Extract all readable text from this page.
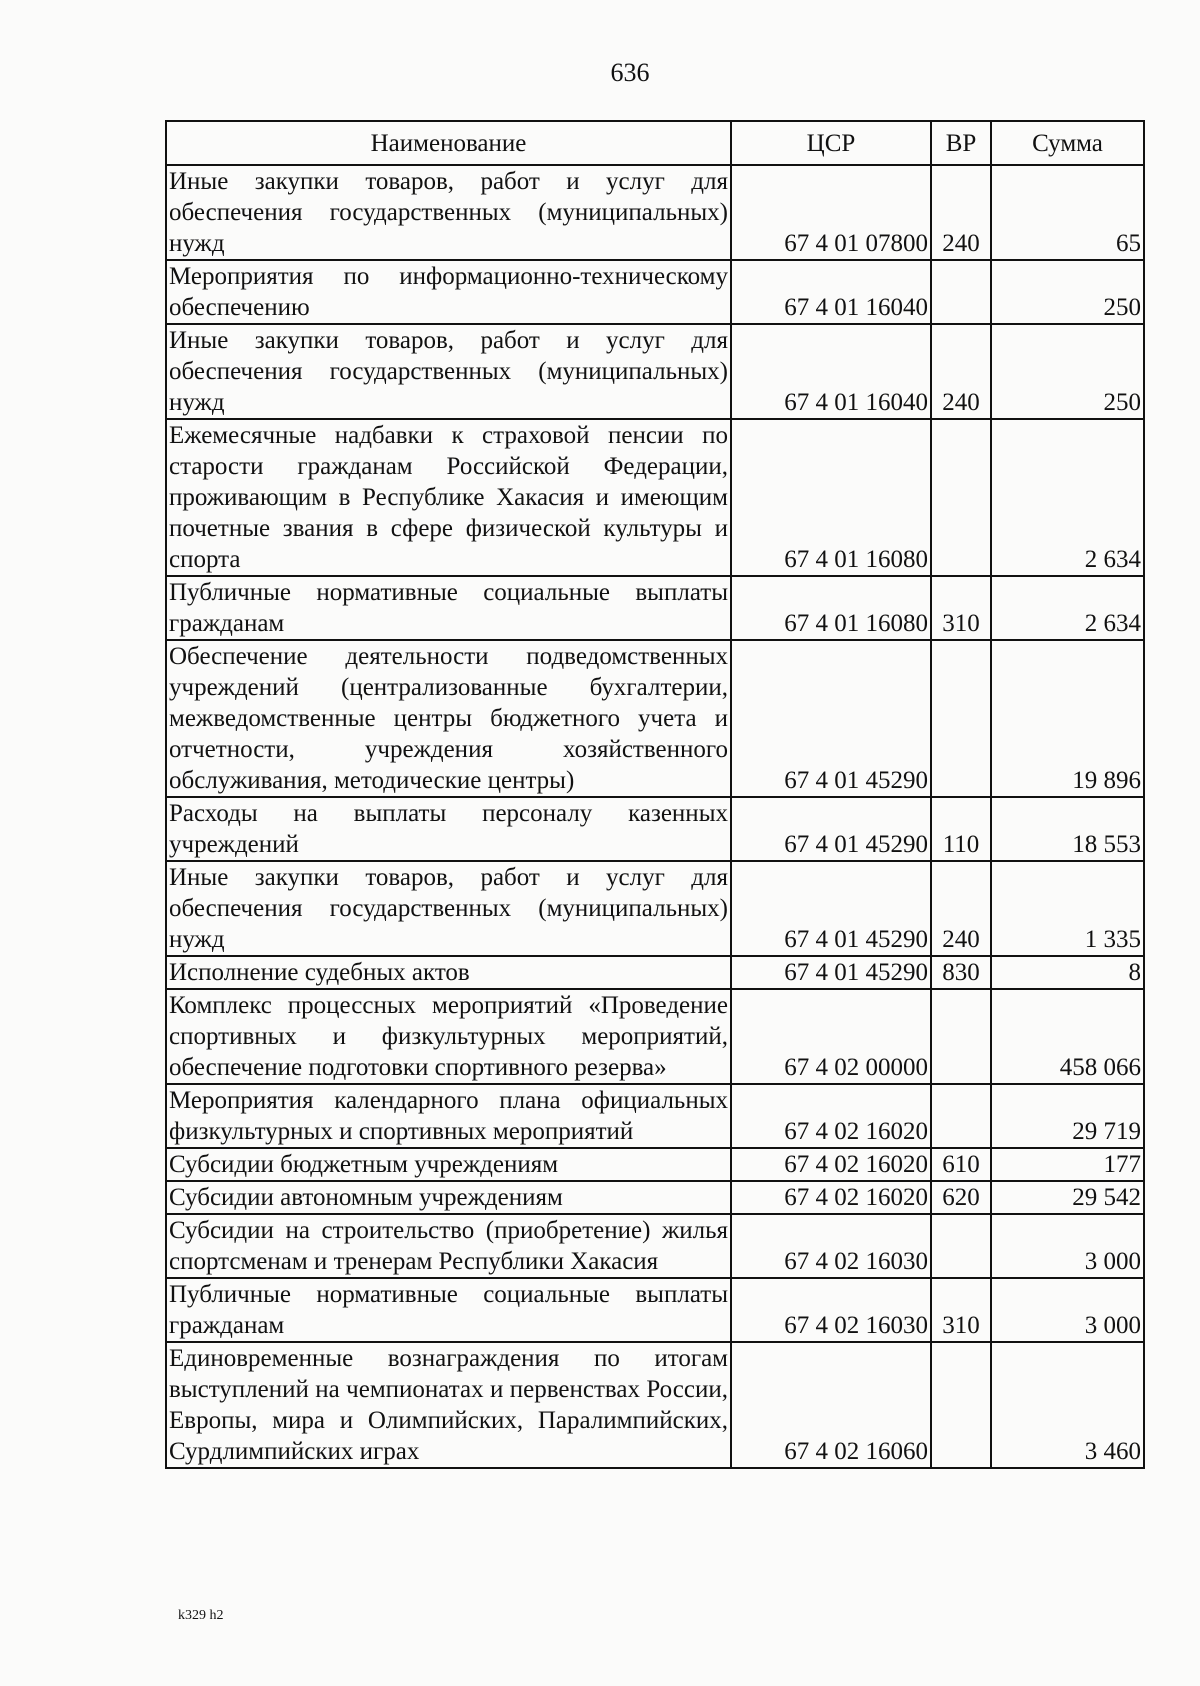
636
Наименование	ЦСР	ВР	Сумма
Иные закупки товаров, работ и услуг для обеспечения государственных (муниципальных) нужд	67 4 01 07800	240	65
Мероприятия по информационно-техническому обеспечению	67 4 01 16040		250
Иные закупки товаров, работ и услуг для обеспечения государственных (муниципальных) нужд	67 4 01 16040	240	250
Ежемесячные надбавки к страховой пенсии по старости гражданам Российской Федерации, проживающим в Республике Хакасия и имеющим почетные звания в сфере физической культуры и спорта	67 4 01 16080		2 634
Публичные нормативные социальные выплаты гражданам	67 4 01 16080	310	2 634
Обеспечение деятельности подведомственных учреждений (централизованные бухгалтерии, межведомственные центры бюджетного учета и отчетности, учреждения хозяйственного обслуживания, методические центры)	67 4 01 45290		19 896
Расходы на выплаты персоналу казенных учреждений	67 4 01 45290	110	18 553
Иные закупки товаров, работ и услуг для обеспечения государственных (муниципальных) нужд	67 4 01 45290	240	1 335
Исполнение судебных актов	67 4 01 45290	830	8
Комплекс процессных мероприятий «Проведение спортивных и физкультурных мероприятий, обеспечение подготовки спортивного резерва»	67 4 02 00000		458 066
Мероприятия календарного плана официальных физкультурных и спортивных мероприятий	67 4 02 16020		29 719
Субсидии бюджетным учреждениям	67 4 02 16020	610	177
Субсидии автономным учреждениям	67 4 02 16020	620	29 542
Субсидии на строительство (приобретение) жилья спортсменам и тренерам Республики Хакасия	67 4 02 16030		3 000
Публичные нормативные социальные выплаты гражданам	67 4 02 16030	310	3 000
Единовременные вознаграждения по итогам выступлений на чемпионатах и первенствах России, Европы, мира и Олимпийских, Паралимпийских, Сурдлимпийских играх	67 4 02 16060		3 460
k329 h2
